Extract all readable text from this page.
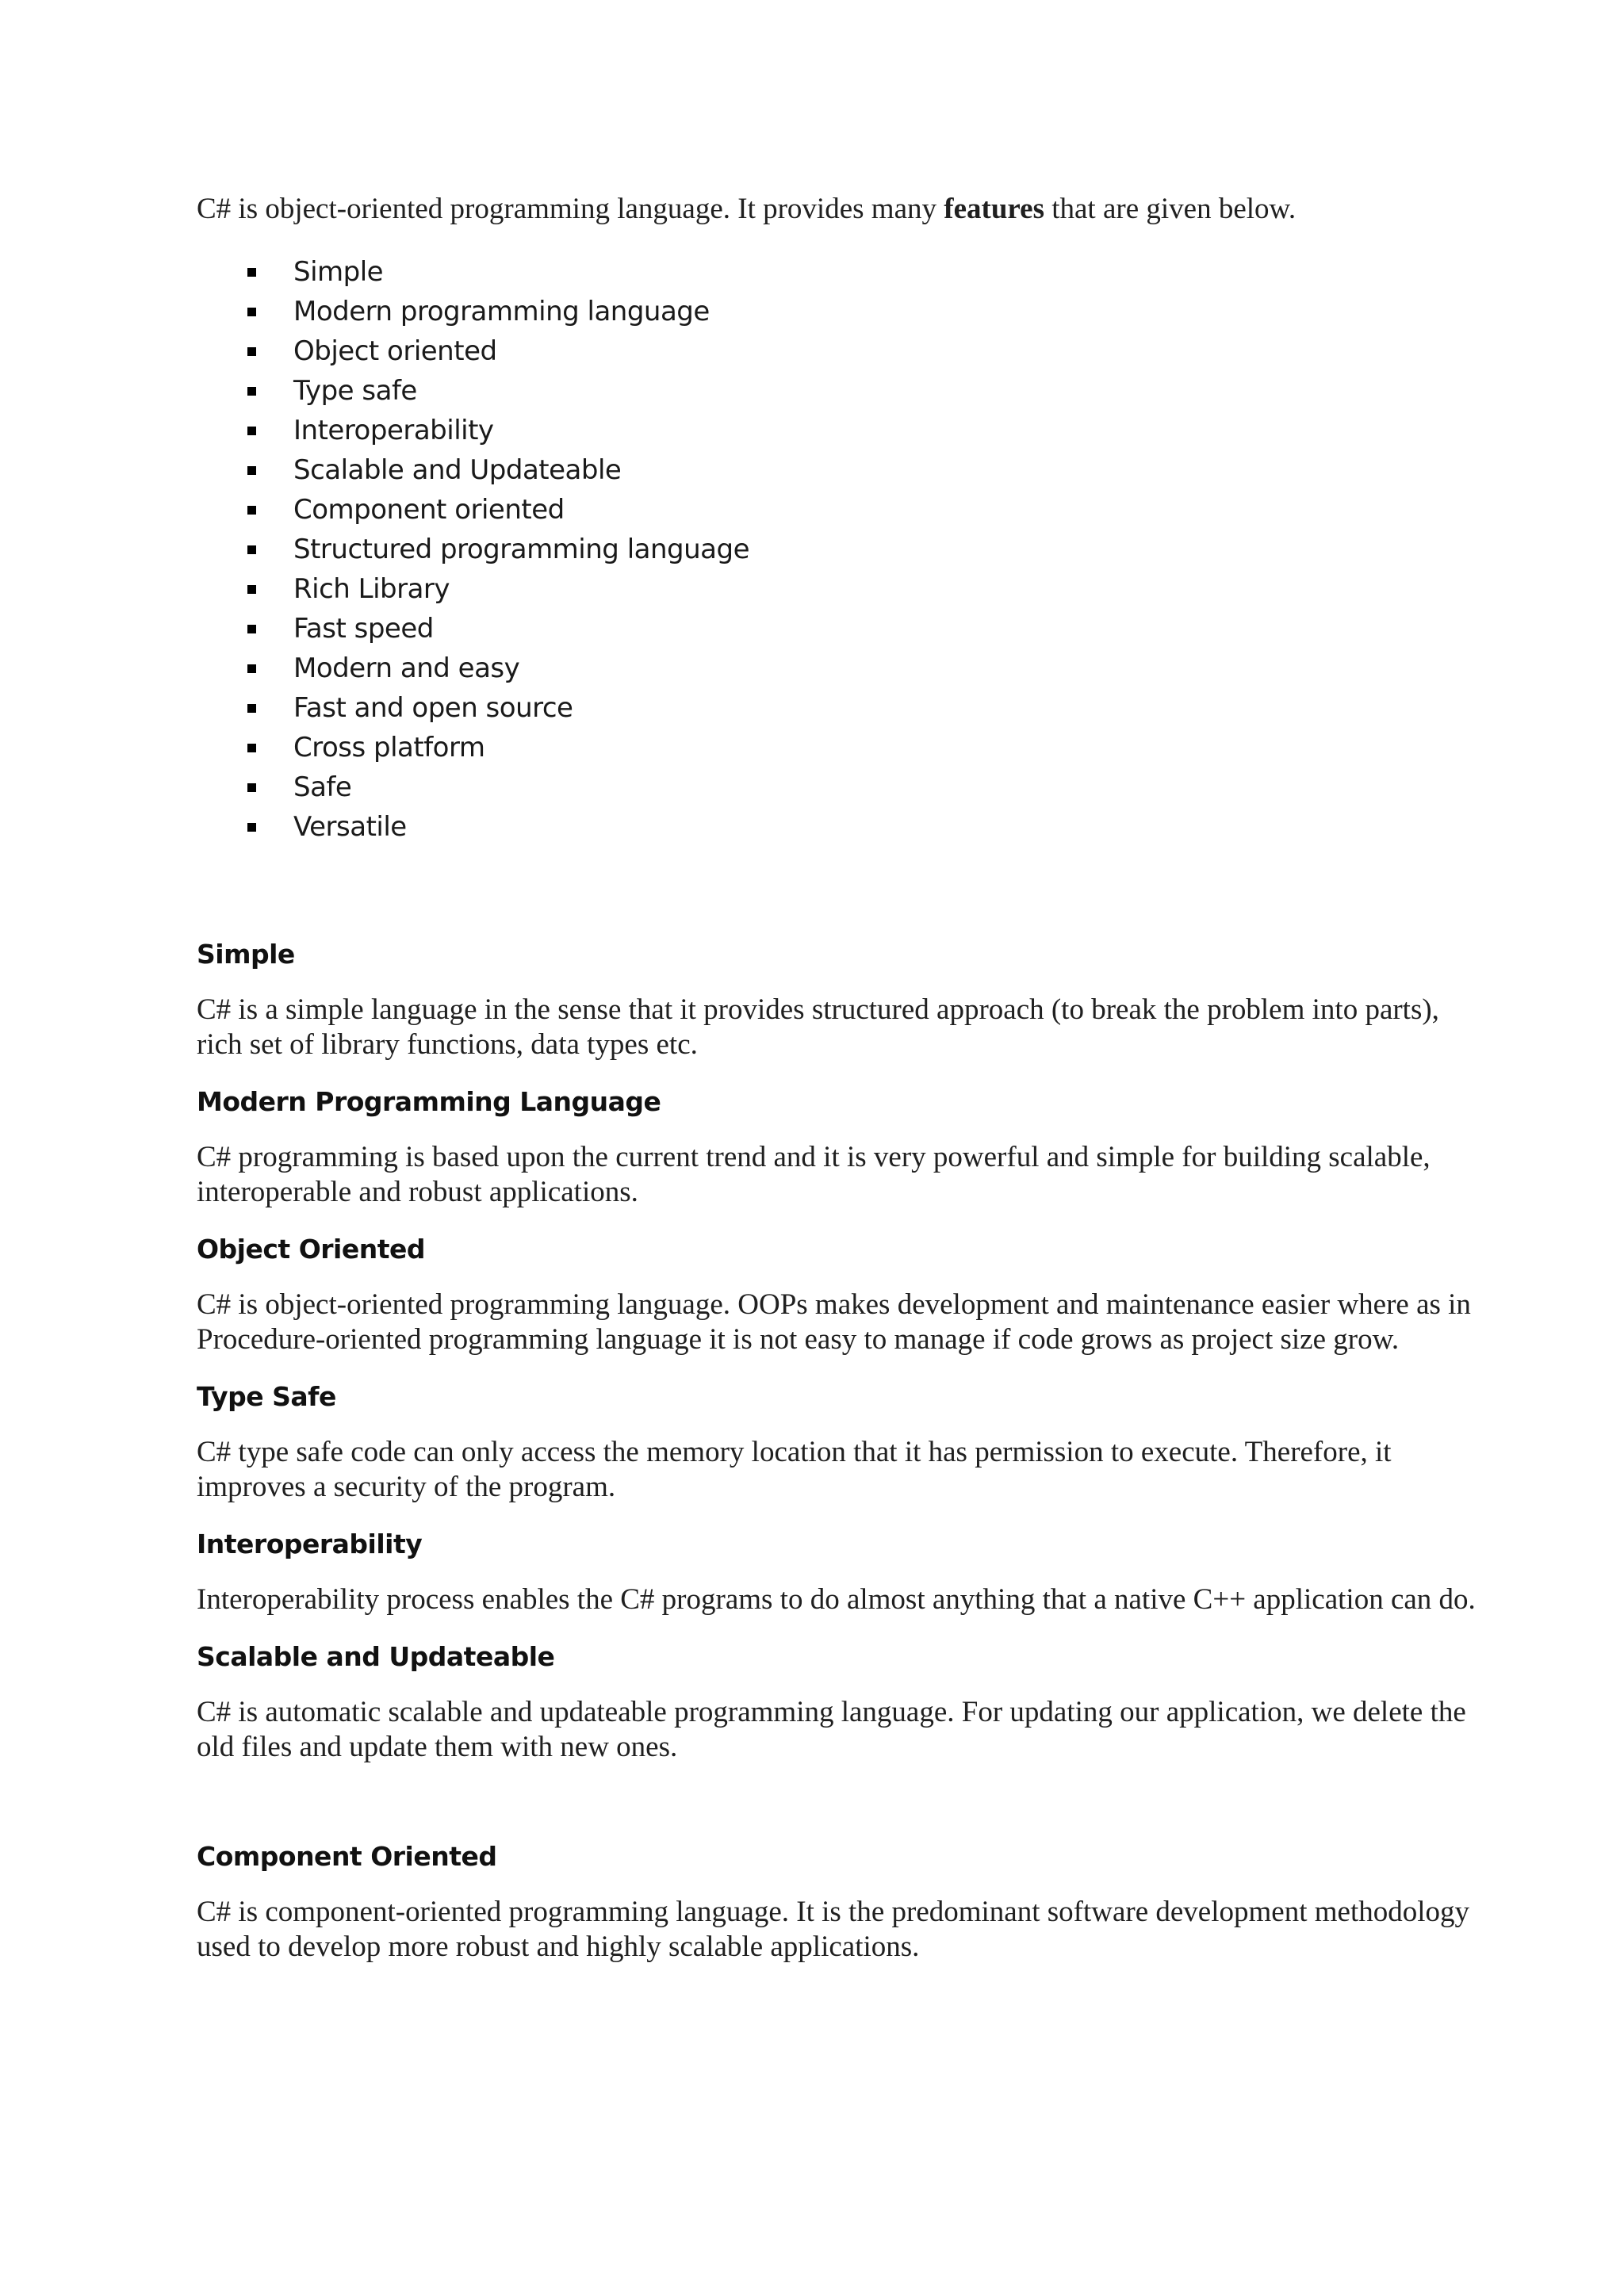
C# is object-oriented programming language. It provides many features that are given below.

Simple
Modern programming language
Object oriented
Type safe
Interoperability
Scalable and Updateable
Component oriented
Structured programming language
Rich Library
Fast speed
Modern and easy
Fast and open source
Cross platform
Safe
Versatile
Simple

C# is a simple language in the sense that it provides structured approach (to break the problem into parts), rich set of library functions, data types etc.

Modern Programming Language

C# programming is based upon the current trend and it is very powerful and simple for building scalable, interoperable and robust applications.

Object Oriented

C# is object-oriented programming language. OOPs makes development and maintenance easier where as in Procedure-oriented programming language it is not easy to manage if code grows as project size grow.

Type Safe

C# type safe code can only access the memory location that it has permission to execute. Therefore, it improves a security of the program.

Interoperability

Interoperability process enables the C# programs to do almost anything that a native C++ application can do.

Scalable and Updateable

C# is automatic scalable and updateable programming language. For updating our application, we delete the old files and update them with new ones.

Component Oriented

C# is component-oriented programming language. It is the predominant software development methodology used to develop more robust and highly scalable applications.
